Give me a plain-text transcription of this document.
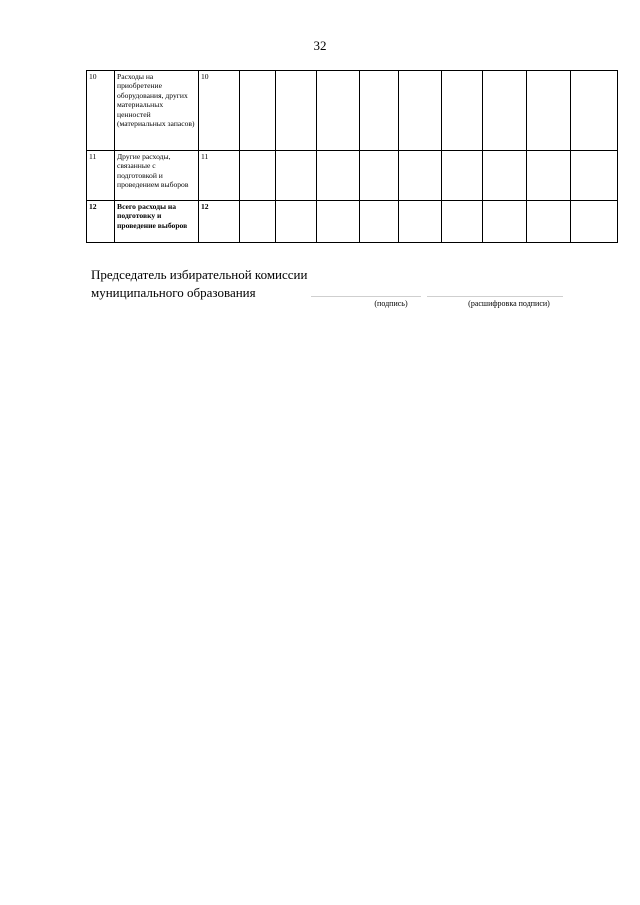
32
10	Расходы на приобретение оборудования, других материальных ценностей (материальных запасов)	10									
11	Другие расходы, связанные с подготовкой и проведением выборов	11									
12	Всего расходы на подготовку и проведение выборов	12									
Председатель избирательной комиссии
муниципального образования
(подпись)	(расшифровка подписи)
